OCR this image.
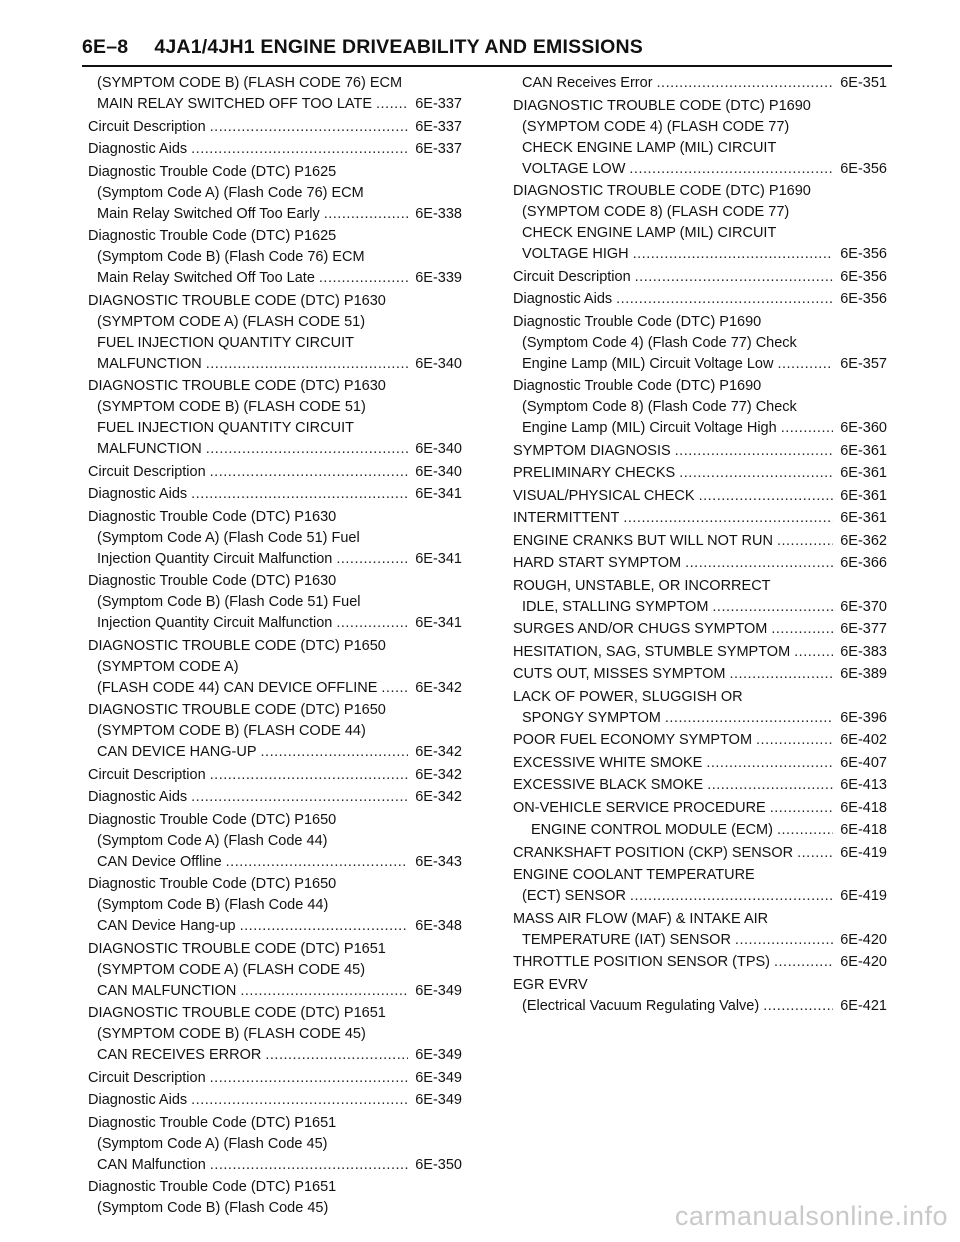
6E–8 4JA1/4JH1 ENGINE DRIVEABILITY AND EMISSIONS
(SYMPTOM CODE B) (FLASH CODE 76) ECM
MAIN RELAY SWITCHED OFF TOO LATE .....	6E-337
Circuit Description .....	6E-337
Diagnostic Aids .....	6E-337
Diagnostic Trouble Code (DTC) P1625
(Symptom Code A) (Flash Code 76) ECM
Main Relay Switched Off Too Early .....	6E-338
Diagnostic Trouble Code (DTC) P1625
(Symptom Code B) (Flash Code 76) ECM
Main Relay Switched Off Too Late .....	6E-339
DIAGNOSTIC TROUBLE CODE (DTC) P1630
(SYMPTOM CODE A) (FLASH CODE 51)
FUEL INJECTION QUANTITY CIRCUIT
MALFUNCTION .....	6E-340
DIAGNOSTIC TROUBLE CODE (DTC) P1630
(SYMPTOM CODE B) (FLASH CODE 51)
FUEL INJECTION QUANTITY CIRCUIT
MALFUNCTION .....	6E-340
Circuit Description .....	6E-340
Diagnostic Aids .....	6E-341
Diagnostic Trouble Code (DTC) P1630
(Symptom Code A) (Flash Code 51) Fuel
Injection Quantity Circuit Malfunction .....	6E-341
Diagnostic Trouble Code (DTC) P1630
(Symptom Code B) (Flash Code 51) Fuel
Injection Quantity Circuit Malfunction .....	6E-341
DIAGNOSTIC TROUBLE CODE (DTC) P1650
(SYMPTOM CODE A)
(FLASH CODE 44) CAN DEVICE OFFLINE .....	6E-342
DIAGNOSTIC TROUBLE CODE (DTC) P1650
(SYMPTOM CODE B) (FLASH CODE 44)
CAN DEVICE HANG-UP .....	6E-342
Circuit Description .....	6E-342
Diagnostic Aids .....	6E-342
Diagnostic Trouble Code (DTC) P1650
(Symptom Code A) (Flash Code 44)
CAN Device Offline .....	6E-343
Diagnostic Trouble Code (DTC) P1650
(Symptom Code B) (Flash Code 44)
CAN Device Hang-up .....	6E-348
DIAGNOSTIC TROUBLE CODE (DTC) P1651
(SYMPTOM CODE A) (FLASH CODE 45)
CAN MALFUNCTION .....	6E-349
DIAGNOSTIC TROUBLE CODE (DTC) P1651
(SYMPTOM CODE B) (FLASH CODE 45)
CAN RECEIVES ERROR .....	6E-349
Circuit Description .....	6E-349
Diagnostic Aids .....	6E-349
Diagnostic Trouble Code (DTC) P1651
(Symptom Code A) (Flash Code 45)
CAN Malfunction .....	6E-350
Diagnostic Trouble Code (DTC) P1651
(Symptom Code B) (Flash Code 45)
CAN Receives Error .....	6E-351
DIAGNOSTIC TROUBLE CODE (DTC) P1690
(SYMPTOM CODE 4) (FLASH CODE 77)
CHECK ENGINE LAMP (MIL) CIRCUIT
VOLTAGE LOW .....	6E-356
DIAGNOSTIC TROUBLE CODE (DTC) P1690
(SYMPTOM CODE 8) (FLASH CODE 77)
CHECK ENGINE LAMP (MIL) CIRCUIT
VOLTAGE HIGH .....	6E-356
Circuit Description .....	6E-356
Diagnostic Aids .....	6E-356
Diagnostic Trouble Code (DTC) P1690
(Symptom Code 4) (Flash Code 77) Check
Engine Lamp (MIL) Circuit Voltage Low .....	6E-357
Diagnostic Trouble Code (DTC) P1690
(Symptom Code 8) (Flash Code 77) Check
Engine Lamp (MIL) Circuit Voltage High .....	6E-360
SYMPTOM DIAGNOSIS .....	6E-361
PRELIMINARY CHECKS .....	6E-361
VISUAL/PHYSICAL CHECK .....	6E-361
INTERMITTENT .....	6E-361
ENGINE CRANKS BUT WILL NOT RUN .....	6E-362
HARD START SYMPTOM .....	6E-366
ROUGH, UNSTABLE, OR INCORRECT
IDLE, STALLING SYMPTOM .....	6E-370
SURGES AND/OR CHUGS SYMPTOM .....	6E-377
HESITATION, SAG, STUMBLE SYMPTOM .....	6E-383
CUTS OUT, MISSES SYMPTOM .....	6E-389
LACK OF POWER, SLUGGISH OR
SPONGY SYMPTOM .....	6E-396
POOR FUEL ECONOMY SYMPTOM .....	6E-402
EXCESSIVE WHITE SMOKE .....	6E-407
EXCESSIVE BLACK SMOKE .....	6E-413
ON-VEHICLE SERVICE PROCEDURE .....	6E-418
ENGINE CONTROL MODULE (ECM) .....	6E-418
CRANKSHAFT POSITION (CKP) SENSOR .....	6E-419
ENGINE COOLANT TEMPERATURE
(ECT) SENSOR .....	6E-419
MASS AIR FLOW (MAF) & INTAKE AIR
TEMPERATURE (IAT) SENSOR .....	6E-420
THROTTLE POSITION SENSOR (TPS) .....	6E-420
EGR EVRV
(Electrical Vacuum Regulating Valve) .....	6E-421
carmanualsonline.info
